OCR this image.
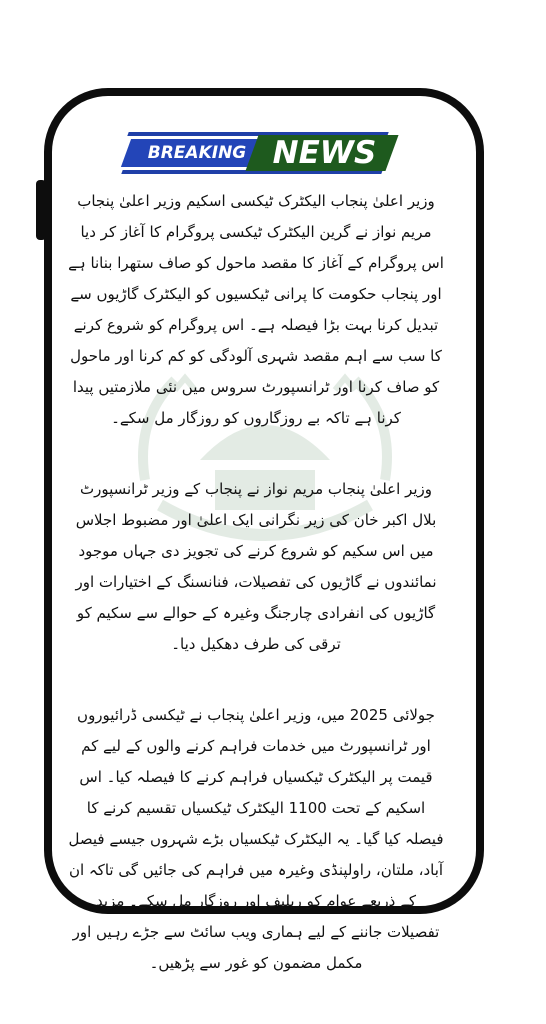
BREAKING NEWS

وزیر اعلیٰ پنجاب الیکٹرک ٹیکسی اسکیم وزیر اعلیٰ پنجاب مریم نواز نے گرین الیکٹرک ٹیکسی پروگرام کا آغاز کر دیا اس پروگرام کے آغاز کا مقصد ماحول کو صاف ستھرا بنانا ہے اور پنجاب حکومت کا پرانی ٹیکسیوں کو الیکٹرک گاڑیوں سے تبدیل کرنا بہت بڑا فیصلہ ہے۔ اس پروگرام کو شروع کرنے کا سب سے اہم مقصد شہری آلودگی کو کم کرنا اور ماحول کو صاف کرنا اور ٹرانسپورٹ سروس میں نئی ملازمتیں پیدا کرنا ہے تاکہ بے روزگاروں کو روزگار مل سکے۔

وزیر اعلیٰ پنجاب مریم نواز نے پنجاب کے وزیر ٹرانسپورٹ بلال اکبر خان کی زیر نگرانی ایک اعلیٰ اور مضبوط اجلاس میں اس سکیم کو شروع کرنے کی تجویز دی جہاں موجود نمائندوں نے گاڑیوں کی تفصیلات، فنانسنگ کے اختیارات اور گاڑیوں کی انفرادی چارجنگ وغیرہ کے حوالے سے سکیم کو ترقی کی طرف دھکیل دیا۔

جولائی 2025 میں، وزیر اعلیٰ پنجاب نے ٹیکسی ڈرائیوروں اور ٹرانسپورٹ میں خدمات فراہم کرنے والوں کے لیے کم قیمت پر الیکٹرک ٹیکسیاں فراہم کرنے کا فیصلہ کیا۔ اس اسکیم کے تحت 1100 الیکٹرک ٹیکسیاں تقسیم کرنے کا فیصلہ کیا گیا۔ یہ الیکٹرک ٹیکسیاں بڑے شہروں جیسے فیصل آباد، ملتان، راولپنڈی وغیرہ میں فراہم کی جائیں گی تاکہ ان کے ذریعے عوام کو ریلیف اور روزگار مل سکے۔ مزید تفصیلات جاننے کے لیے ہماری ویب سائٹ سے جڑے رہیں اور مکمل مضمون کو غور سے پڑھیں۔
